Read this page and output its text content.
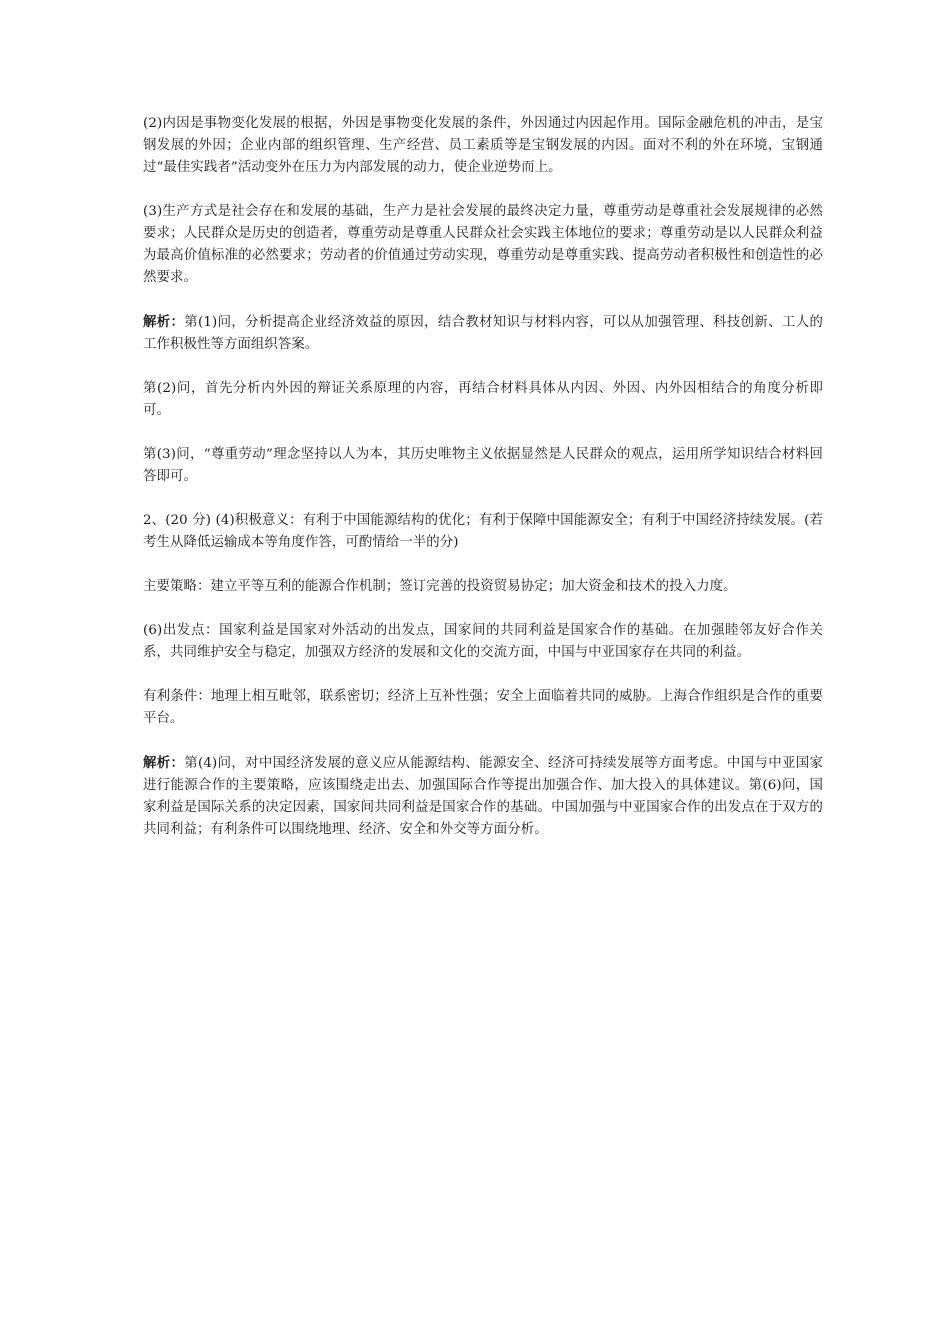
(2)内因是事物变化发展的根据，外因是事物变化发展的条件，外因通过内因起作用。国际金融危机的冲击，是宝钢发展的外因；企业内部的组织管理、生产经营、员工素质等是宝钢发展的内因。面对不利的外在环境，宝钢通过“最佳实践者”活动变外在压力为内部发展的动力，使企业逆势而上。

(3)生产方式是社会存在和发展的基础，生产力是社会发展的最终决定力量，尊重劳动是尊重社会发展规律的必然要求；人民群众是历史的创造者，尊重劳动是尊重人民群众社会实践主体地位的要求；尊重劳动是以人民群众利益为最高价值标准的必然要求；劳动者的价值通过劳动实现，尊重劳动是尊重实践、提高劳动者积极性和创造性的必然要求。

解析：第(1)问，分析提高企业经济效益的原因，结合教材知识与材料内容，可以从加强管理、科技创新、工人的工作积极性等方面组织答案。

第(2)问，首先分析内外因的辩证关系原理的内容，再结合材料具体从内因、外因、内外因相结合的角度分析即可。

第(3)问，“尊重劳动”理念坚持以人为本，其历史唯物主义依据显然是人民群众的观点，运用所学知识结合材料回答即可。

2、(20 分) (4)积极意义：有利于中国能源结构的优化；有利于保障中国能源安全；有利于中国经济持续发展。(若考生从降低运输成本等角度作答，可酌情给一半的分)

主要策略：建立平等互利的能源合作机制；签订完善的投资贸易协定；加大资金和技术的投入力度。

(6)出发点：国家利益是国家对外活动的出发点，国家间的共同利益是国家合作的基础。在加强睦邻友好合作关系，共同维护安全与稳定，加强双方经济的发展和文化的交流方面，中国与中亚国家存在共同的利益。

有利条件：地理上相互毗邻，联系密切；经济上互补性强；安全上面临着共同的威胁。上海合作组织是合作的重要平台。

解析：第(4)问，对中国经济发展的意义应从能源结构、能源安全、经济可持续发展等方面考虑。中国与中亚国家进行能源合作的主要策略，应该围绕走出去、加强国际合作等提出加强合作、加大投入的具体建议。第(6)问，国家利益是国际关系的决定因素，国家间共同利益是国家合作的基础。中国加强与中亚国家合作的出发点在于双方的共同利益；有利条件可以围绕地理、经济、安全和外交等方面分析。
